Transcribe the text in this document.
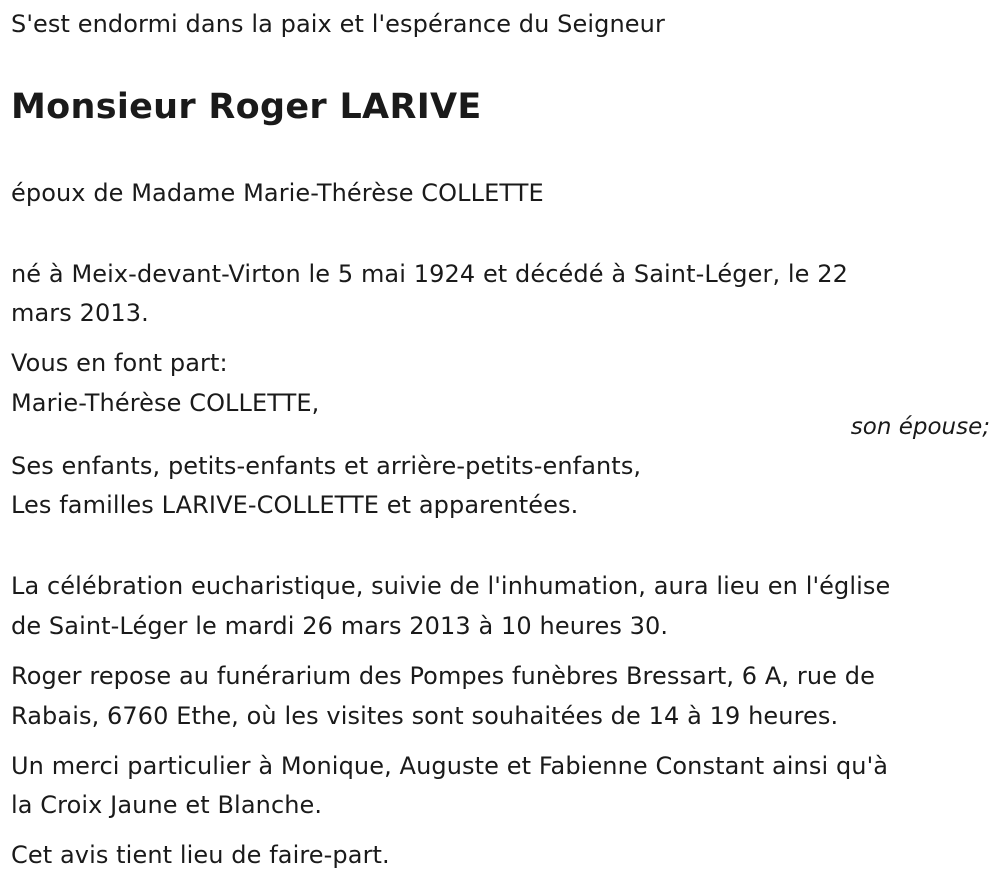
S'est endormi dans la paix et l'espérance du Seigneur
Monsieur Roger LARIVE
époux de Madame Marie-Thérèse COLLETTE
né à Meix-devant-Virton le 5 mai 1924 et décédé à Saint-Léger, le 22
mars 2013.
Vous en font part:
Marie-Thérèse COLLETTE,
son épouse;
Ses enfants, petits-enfants et arrière-petits-enfants,
Les familles LARIVE-COLLETTE et apparentées.
La célébration eucharistique, suivie de l'inhumation, aura lieu en l'église
de Saint-Léger le mardi 26 mars 2013 à 10 heures 30.
Roger repose au funérarium des Pompes funèbres Bressart, 6 A, rue de
Rabais, 6760 Ethe, où les visites sont souhaitées de 14 à 19 heures.
Un merci particulier à Monique, Auguste et Fabienne Constant ainsi qu'à
la Croix Jaune et Blanche.
Cet avis tient lieu de faire-part.
